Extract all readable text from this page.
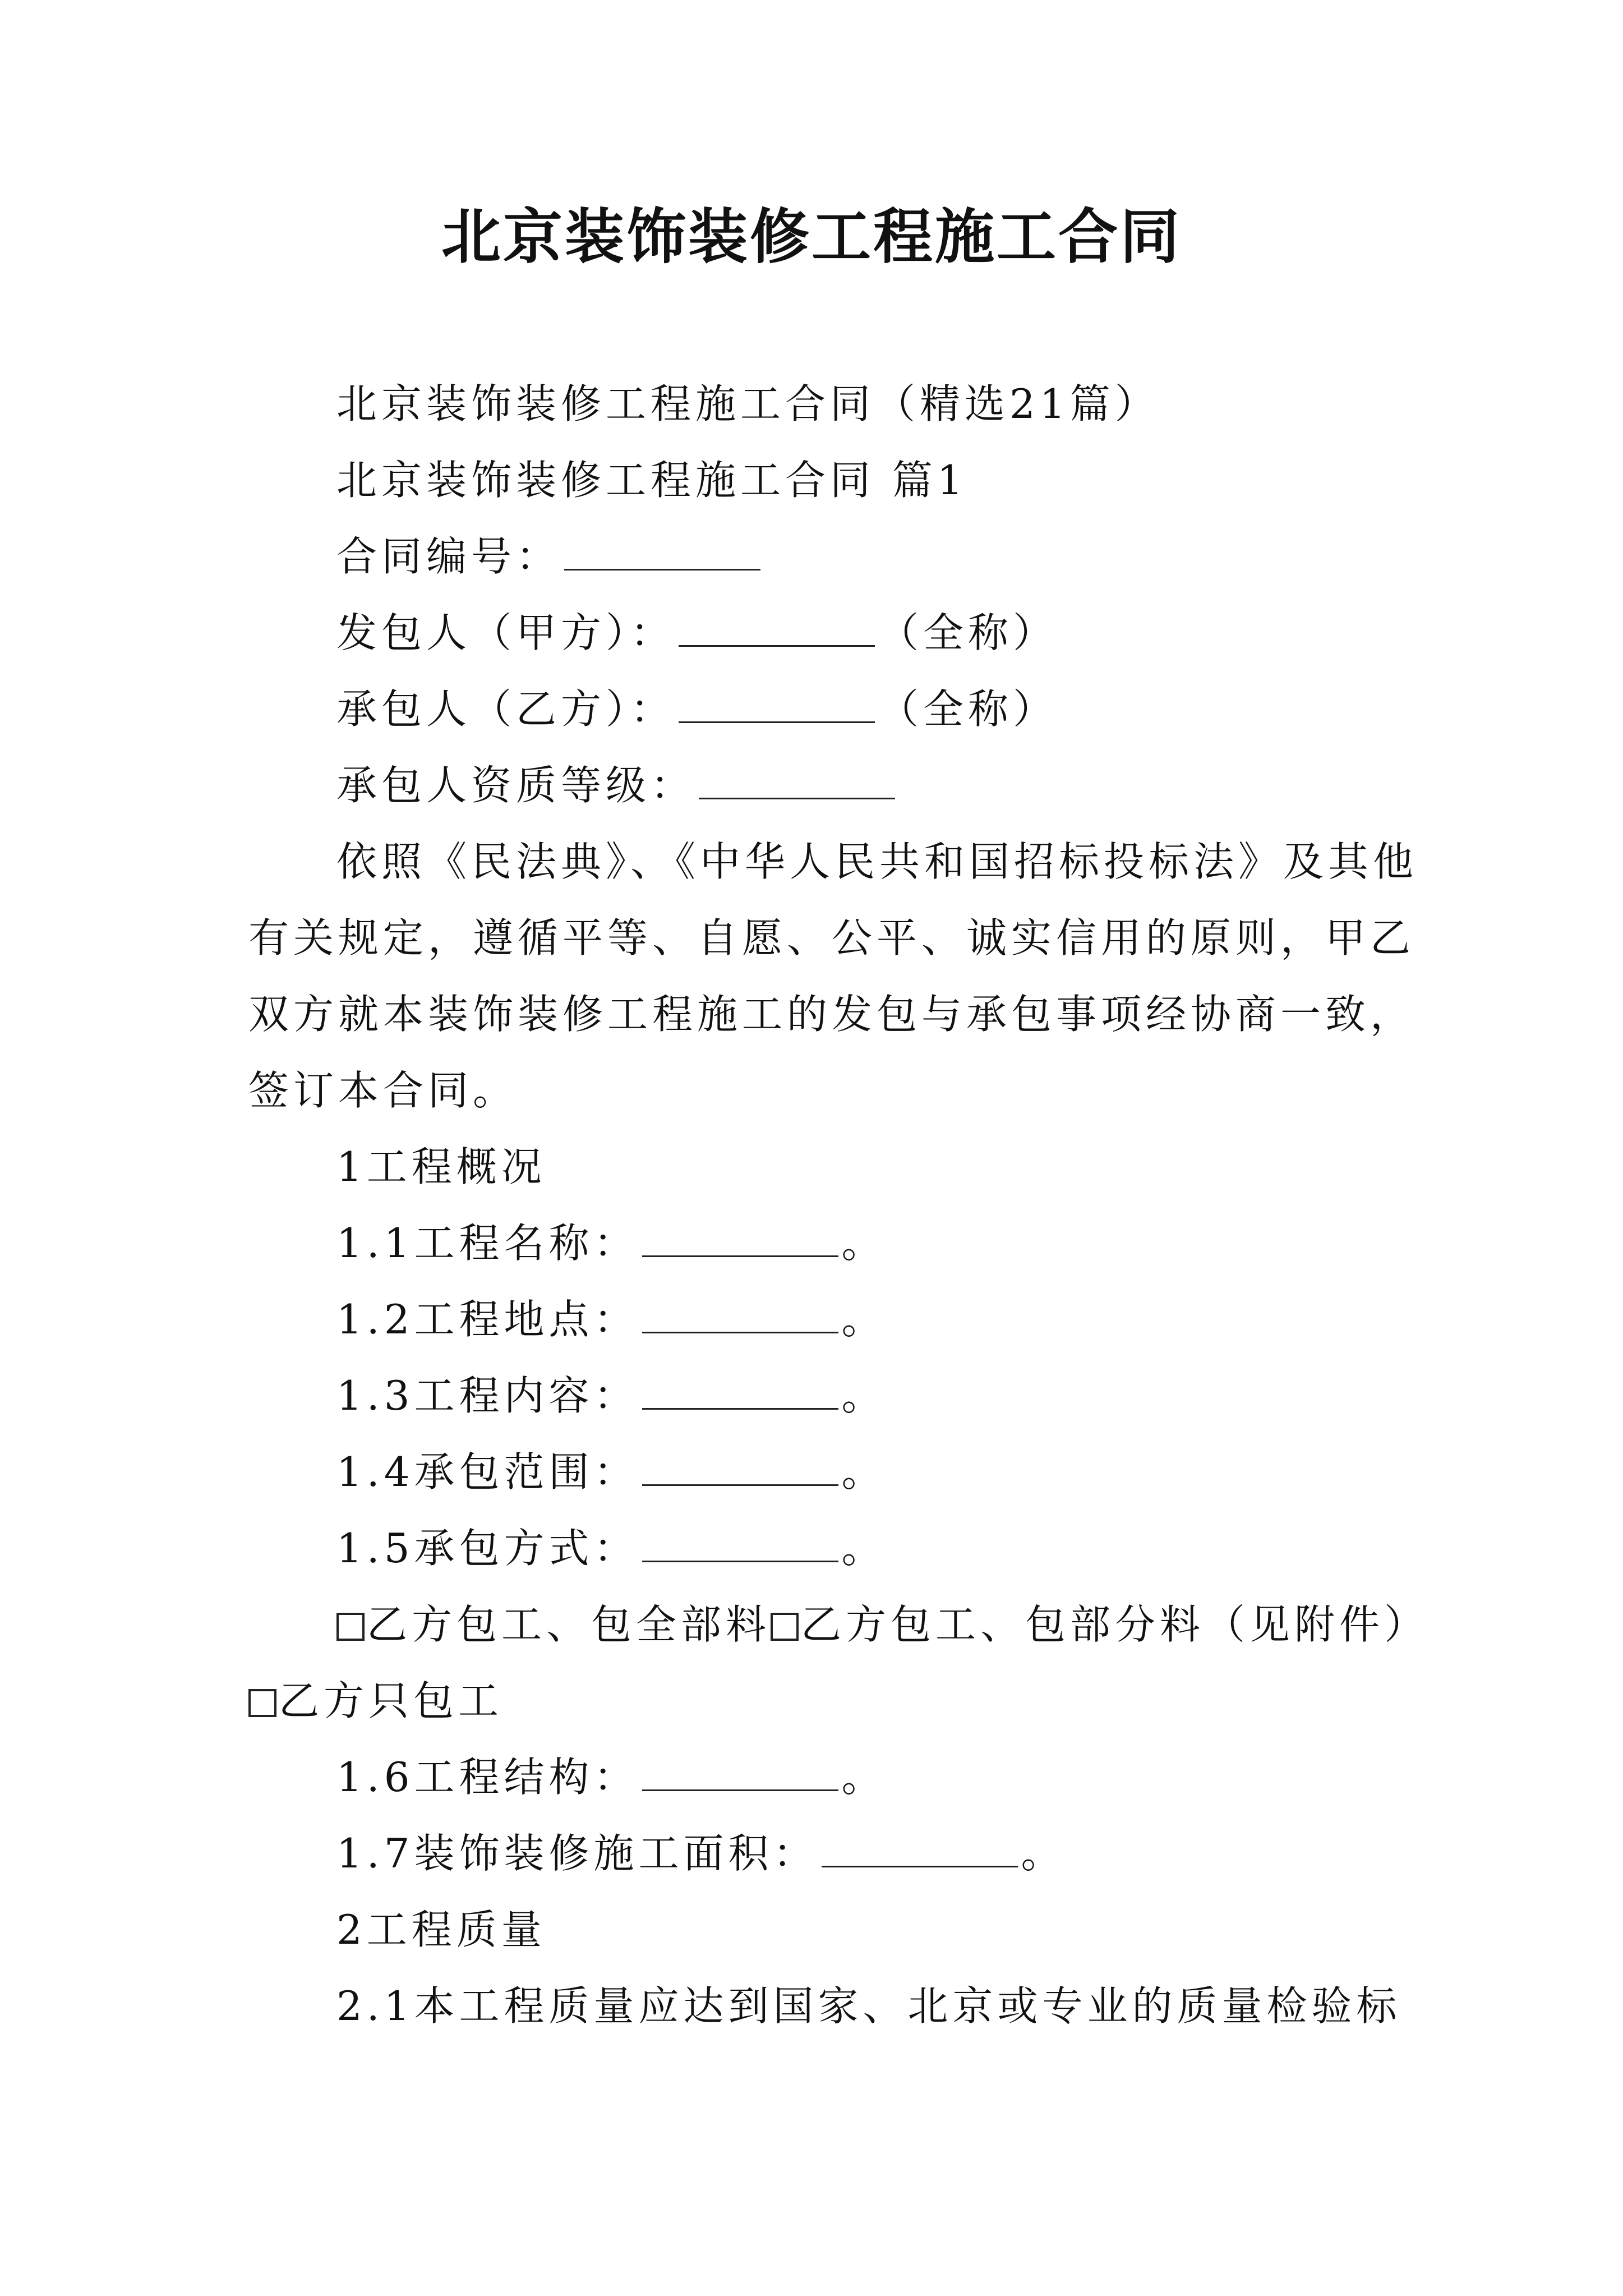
北京装饰装修工程施工合同
北京装饰装修工程施工合同（精选21篇）
北京装饰装修工程施工合同 篇1
合同编号：
发包人（甲方）：	（全称）
承包人（乙方）：	（全称）
承包人资质等级：
依照《民法典》、《中华人民共和国招标投标法》及其他
有关规定，遵循平等、自愿、公平、诚实信用的原则，甲乙
双方就本装饰装修工程施工的发包与承包事项经协商一致，
签订本合同。
1工程概况
1.1工程名称：	。
1.2工程地点：	。
1.3工程内容：	。
1.4承包范围：	。
1.5承包方式：	。
乙方包工、包全部料 乙方包工、包部分料（见附件）
乙方只包工
1.6工程结构：	。
1.7装饰装修施工面积：	。
2工程质量
2.1本工程质量应达到国家、北京或专业的质量检验标
